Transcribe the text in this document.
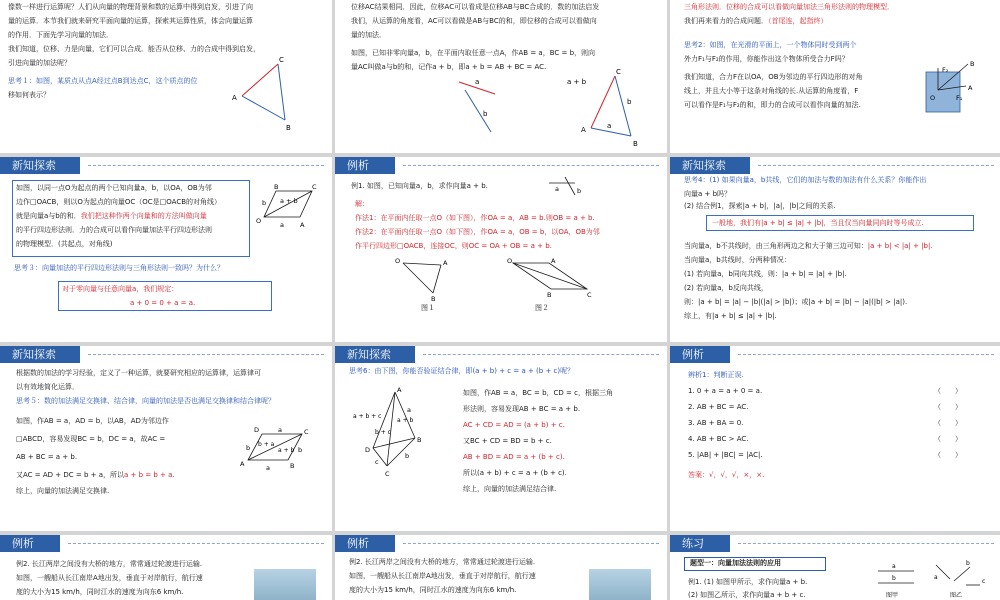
像数一样进行运算呢？人们从向量的物理背景和数的运算中得到启发，引进了向
量的运算．本节我们就来研究平面向量的运算，探索其运算性质，体会向量运算
的作用．下面先学习向量的加法．
我们知道，位移、力是向量，它们可以合成．能否从位移、力的合成中得到启发，
引进向量的加法呢？
思考１：如图，某质点从点A经过点B到达点C，这个质点的位
移如何表示？	A
B
C
位移AC结果相同．因此，位移AC可以看成是位移AB与BC合成的．数的加法启发
我们，从运算的角度看，AC可以看做是AB与BC的和，即位移的合成可以看做向
量的加法．
如图，已知非零向量a，b，在平面内取任意一点A，作AB = a，BC = b，则向
量AC叫做a与b的和，记作a + b，即a + b = AB + BC = AC.
a
b
a + b
b
a
C
A
B
三角形法则．位移的合成可以看做向量加法三角形法则的物理模型．
我们再来看力的合成问题．（首尾连，起指终）
思考2：如图，在光滑的平面上，一个物体同时受到两个
外力F₁与F₂的作用，你能作出这个物体所受合力F吗？
我们知道，合力F在以OA，OB为邻边的平行四边形的对角
线上，并且大小等于这条对角线的长.从运算的角度看，F
可以看作是F₁与F₂的和，即力的合成可以看作向量的加法.
F₂
B
O
A
F₁
新知探索
如图，以同一点O为起点的两个已知向量a，b，以OA，OB为邻
边作□OACB，则以O为起点的向量OC（OC是□OACB的对角线）
就是向量a与b的和．我们把这种作两个向量和的方法叫做向量
的平行四边形法则．力的合成可以看作向量加法平行四边形法则
的物理模型．(共起点，对角线)
B	C
b a + b
O	a A
思考３：向量加法的平行四边形法则与三角形法则一致吗？为什么？
对于零向量与任意向量a，我们规定：
a + 0 = 0 + a = a.
例析
例1. 如图，已知向量a，b，求作向量a + b.	a	b
解：
作法1：在平面内任取一点O（如下图），作OA = a，AB = b.则OB = a + b.
作法2：在平面内任取一点O（如下图），作OA = a，OB = b，以OA，OB为邻
作平行四边形□OACB，连接OC，则OC = OA + OB = a + b.
O	A
B
O	A
B	C
图１	图２
新知探索
思考4：(1) 如果向量a，b共线，它们的加法与数的加法有什么关系？你能作出
向量a + b吗？
(2) 结合例1，探索|a + b|，|a|，|b|之间的关系.
一般地，我们有|a + b| ≤ |a| + |b|，当且仅当向量同向时等号成立.
当向量a，b不共线时，由三角形两边之和大于第三边可知：|a + b| < |a| + |b|.
当向量a，b共线时，分两种情况：
(1) 若向量a，b同向共线，则：|a + b| = |a| + |b|.
(2) 若向量a，b反向共线，
则：|a + b| = |a| − |b|(|a| > |b|)；或|a + b| = |b| − |a|(|b| > |a|).
综上，有|a + b| ≤ |a| + |b|.
新知探索
根据数的加法的学习经验，定义了一种运算，就要研究相应的运算律，运算律可
以有效地简化运算．
思考５：数的加法满足交换律、结合律，向量的加法是否也满足交换律和结合律呢？
如图，作AB = a，AD = b，以AB，AD为邻边作
□ABCD，容易发现BC = b，DC = a，故AC =
AB + BC = a + b.
又AC = AD + DC = b + a，所以a + b = b + a.
综上，向量的加法满足交换律.
D	a	C
b + a
a + b
b	b
A	a	B
新知探索
思考6：由下图，你能否验证结合律，即(a + b) + c = a + (b + c)呢？
a + b + c
b + c
a + b
A
D
B
C
c
b
a
如图，作AB = a，BC = b，CD = c，根据三角
形法则，容易发现AB + BC = a + b.
AC + CD = AD = (a + b) + c.
又BC + CD = BD = b + c.
AB + BD = AD = a + (b + c).
所以(a + b) + c = a + (b + c).
综上，向量的加法满足结合律.
例析
辨析1：判断正误.
1. 0 + a = a + 0 = a.	（　　）
2. AB + BC = AC.	（　　）
3. AB + BA = 0.	（　　）
4. AB + BC > AC.	（　　）
5. |AB| + |BC| = |AC|.	（　　）
答案：√，√，√，×，×.
例析
例2. 长江两岸之间没有大桥的地方，常常通过轮渡进行运输.
如图，一艘船从长江南岸A地出发，垂直于对岸航行，航行速
度的大小为15 km/h，同时江水的速度为向东6 km/h.
例析
例2. 长江两岸之间没有大桥的地方，常常通过轮渡进行运输.
如图，一艘船从长江南岸A地出发，垂直于对岸航行，航行速
度的大小为15 km/h，同时江水的速度为向东6 km/h.
练习
题型一：向量加法法则的应用
例1. (1) 如图甲所示，求作向量a + b.
(2) 如图乙所示，求作向量a + b + c.
a
b
图甲
a
b
c
图乙
